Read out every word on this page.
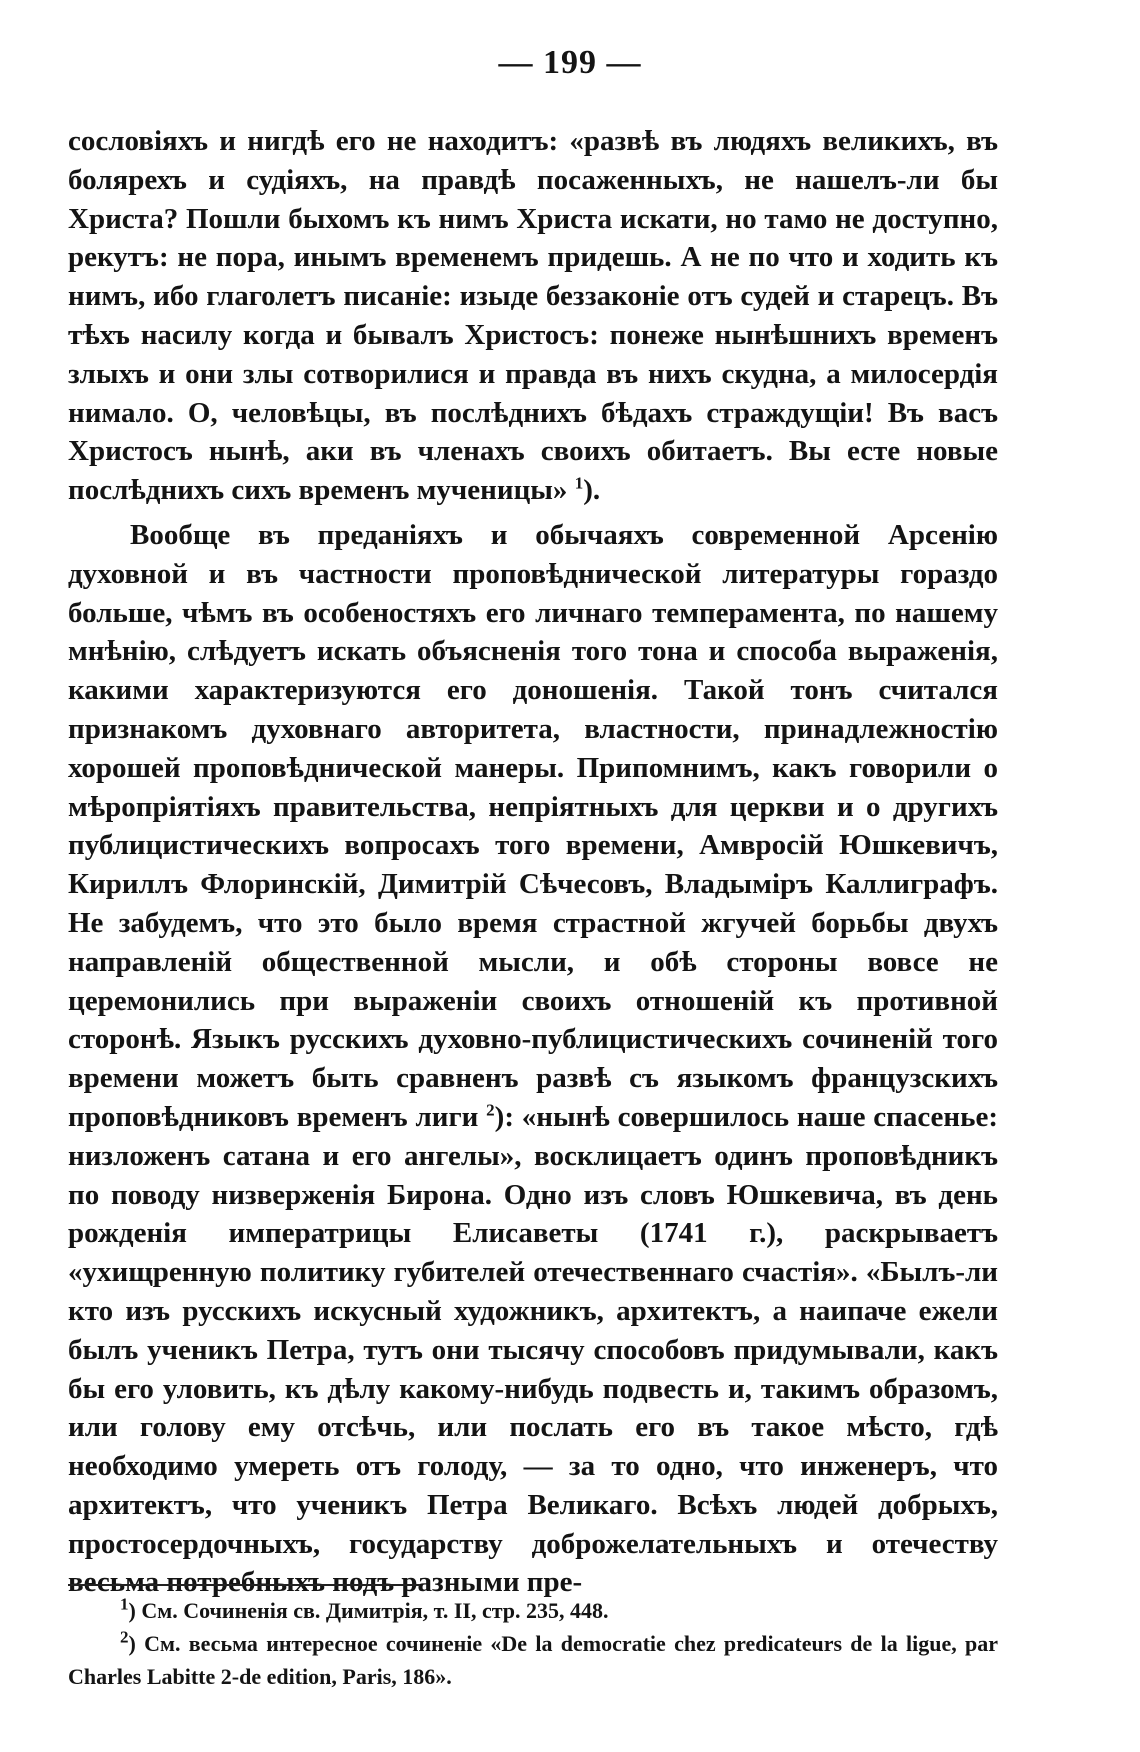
— 199 —

сословіяхъ и нигдѣ его не находитъ: «развѣ въ людяхъ великихъ, въ болярехъ и судіяхъ, на правдѣ посаженныхъ, не нашелъ-ли бы Христа? Пошли быхомъ къ нимъ Христа искати, но тамо не доступно, рекутъ: не пора, инымъ временемъ придешь. А не по что и ходить къ нимъ, ибо глаголетъ писаніе: изыде беззаконіе отъ судей и старецъ. Въ тѣхъ насилу когда и бывалъ Христосъ: понеже нынѣшнихъ временъ злыхъ и они злы сотворилися и правда въ нихъ скудна, а милосердія нимало. О, человѣцы, въ послѣднихъ бѣдахъ страждущіи! Въ васъ Христосъ нынѣ, аки въ членахъ своихъ обитаетъ. Вы есте новые послѣднихъ сихъ временъ мученицы» $^1$).

Вообще въ преданіяхъ и обычаяхъ современной Арсенію духовной и въ частности проповѣднической литературы гораздо больше, чѣмъ въ особеностяхъ его личнаго темперамента, по нашему мнѣнію, слѣдуетъ искать объясненія того тона и способа выраженія, какими характеризуются его доношенія. Такой тонъ считался признакомъ духовнаго авторитета, властности, принадлежностію хорошей проповѣднической манеры. Припомнимъ, какъ говорили о мѣропріятіяхъ правительства, непріятныхъ для церкви и о другихъ публицистическихъ вопросахъ того времени, Амвросій Юшкевичъ, Кириллъ Флоринскій, Димитрій Сѣчесовъ, Владыміръ Каллиграфъ. Не забудемъ, что это было время страстной жгучей борьбы двухъ направленій общественной мысли, и обѣ стороны вовсе не церемонились при выраженіи своихъ отношеній къ противной сторонѣ. Языкъ русскихъ духовно-публицистическихъ сочиненій того времени можетъ быть сравненъ развѣ съ языкомъ французскихъ проповѣдниковъ временъ лиги $^2$): «нынѣ совершилось наше спасенье: низложенъ сатана и его ангелы», восклицаетъ одинъ проповѣдникъ по поводу низверженія Бирона. Одно изъ словъ Юшкевича, въ день рожденія императрицы Елисаветы (1741 г.), раскрываетъ «ухищренную политику губителей отечественнаго счастія». «Былъ-ли кто изъ русскихъ искусный художникъ, архитектъ, а наипаче ежели былъ ученикъ Петра, тутъ они тысячу способовъ придумывали, какъ бы его уловить, къ дѣлу какому-нибудь подвесть и, такимъ образомъ, или голову ему отсѣчь, или послать его въ такое мѣсто, гдѣ необходимо умереть отъ голоду, — за то одно, что инженеръ, что архитектъ, что ученикъ Петра Великаго. Всѣхъ людей добрыхъ, простосердочныхъ, государству доброжелательныхъ и отечеству весьма потребныхъ подъ разными пре-

$^1$) См. Сочиненія св. Димитрія, т. II, стр. 235, 448.

$^2$) См. весьма интересное сочиненіе «De la democratie chez predicateurs de la ligue, par Charles Labitte 2-de edition, Paris, 186».
